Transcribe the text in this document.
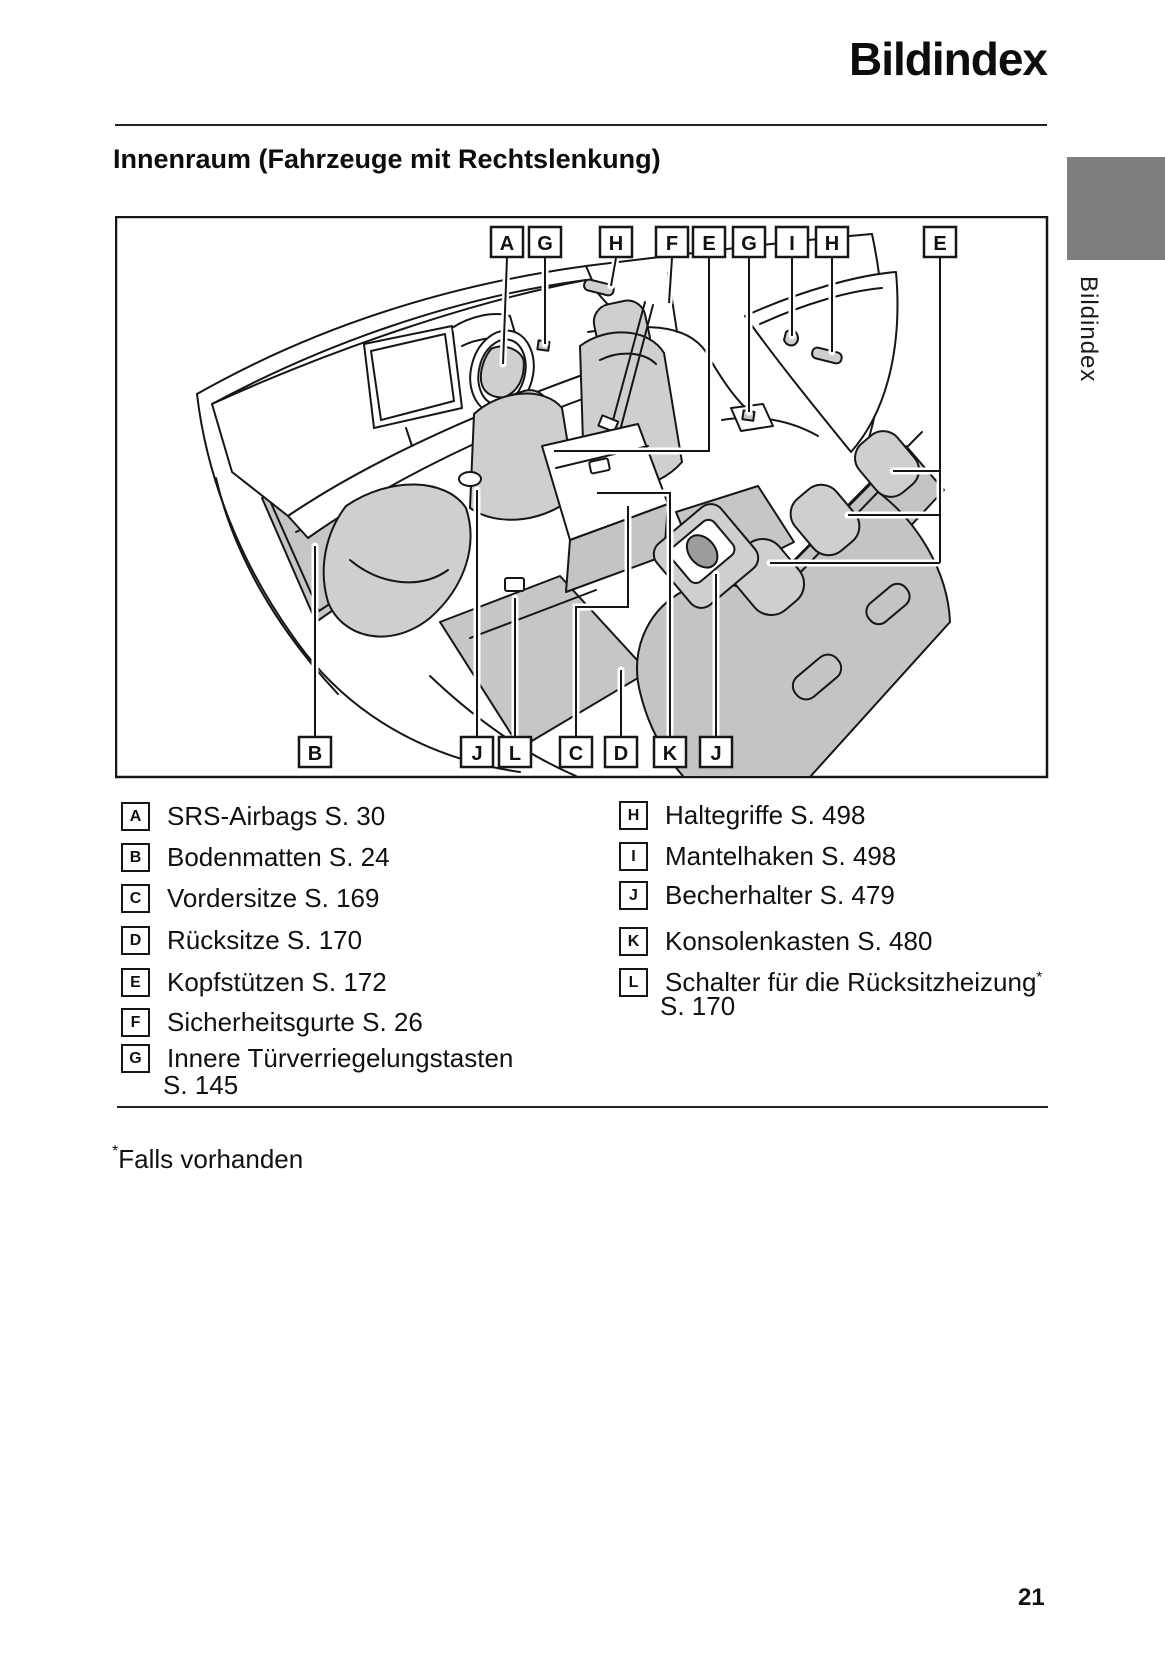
Bildindex
Innenraum (Fahrzeuge mit Rechtslenkung)
Bildindex
A G	H F E G I H	E
B	J L C D K J
A SRS-Airbags S. 30
B Bodenmatten S. 24
C Vordersitze S. 169
D Rücksitze S. 170
E Kopfstützen S. 172
F Sicherheitsgurte S. 26
G Innere Türverriegelungstasten
S. 145
H Haltegriffe S. 498
I Mantelhaken S. 498
J Becherhalter S. 479
K Konsolenkasten S. 480
L Schalter für die Rücksitzheizung*
S. 170
*Falls vorhanden
21
